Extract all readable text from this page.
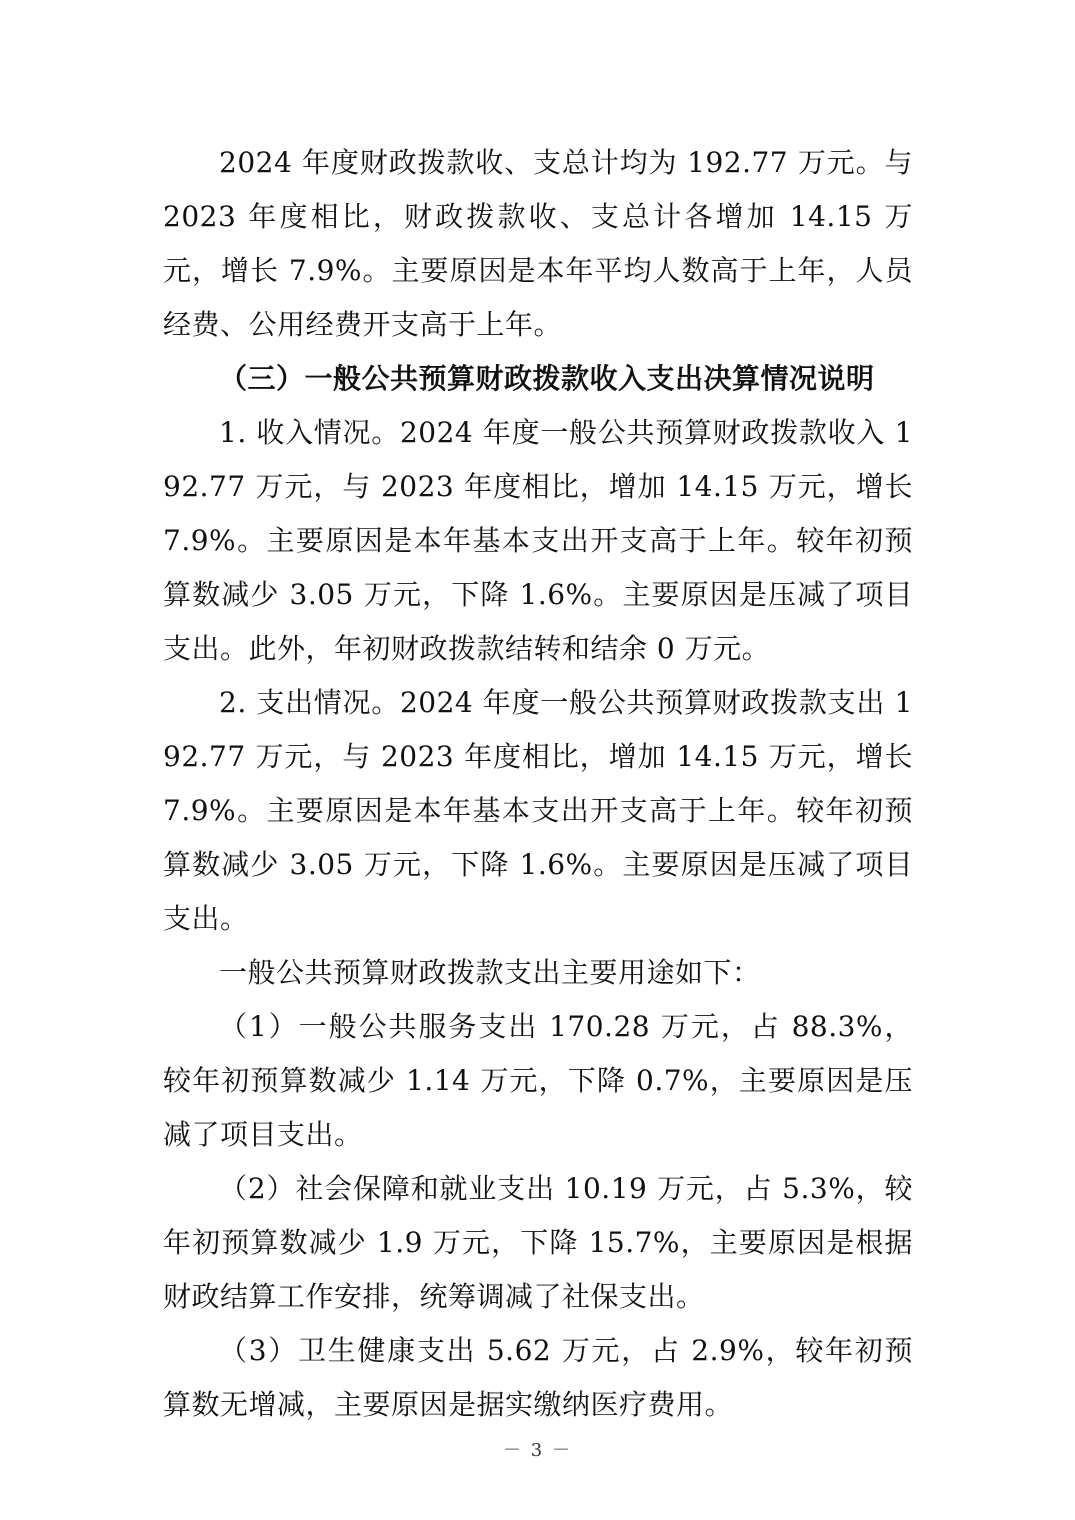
2024 年度财政拨款收、支总计均为 192.77 万元。与 2023 年度相比，财政拨款收、支总计各增加 14.15 万元，增长 7.9%。主要原因是本年平均人数高于上年，人员经费、公用经费开支高于上年。

（三）一般公共预算财政拨款收入支出决算情况说明

1. 收入情况。2024 年度一般公共预算财政拨款收入 192.77 万元，与 2023 年度相比，增加 14.15 万元，增长 7.9%。主要原因是本年基本支出开支高于上年。较年初预算数减少 3.05 万元，下降 1.6%。主要原因是压减了项目支出。此外，年初财政拨款结转和结余 0 万元。

2. 支出情况。2024 年度一般公共预算财政拨款支出 192.77 万元，与 2023 年度相比，增加 14.15 万元，增长 7.9%。主要原因是本年基本支出开支高于上年。较年初预算数减少 3.05 万元，下降 1.6%。主要原因是压减了项目支出。

一般公共预算财政拨款支出主要用途如下：

（1）一般公共服务支出 170.28 万元，占 88.3%，较年初预算数减少 1.14 万元，下降 0.7%，主要原因是压减了项目支出。

（2）社会保障和就业支出 10.19 万元，占 5.3%，较年初预算数减少 1.9 万元，下降 15.7%，主要原因是根据财政结算工作安排，统筹调减了社保支出。

（3）卫生健康支出 5.62 万元，占 2.9%，较年初预算数无增减，主要原因是据实缴纳医疗费用。

－ 3 －
